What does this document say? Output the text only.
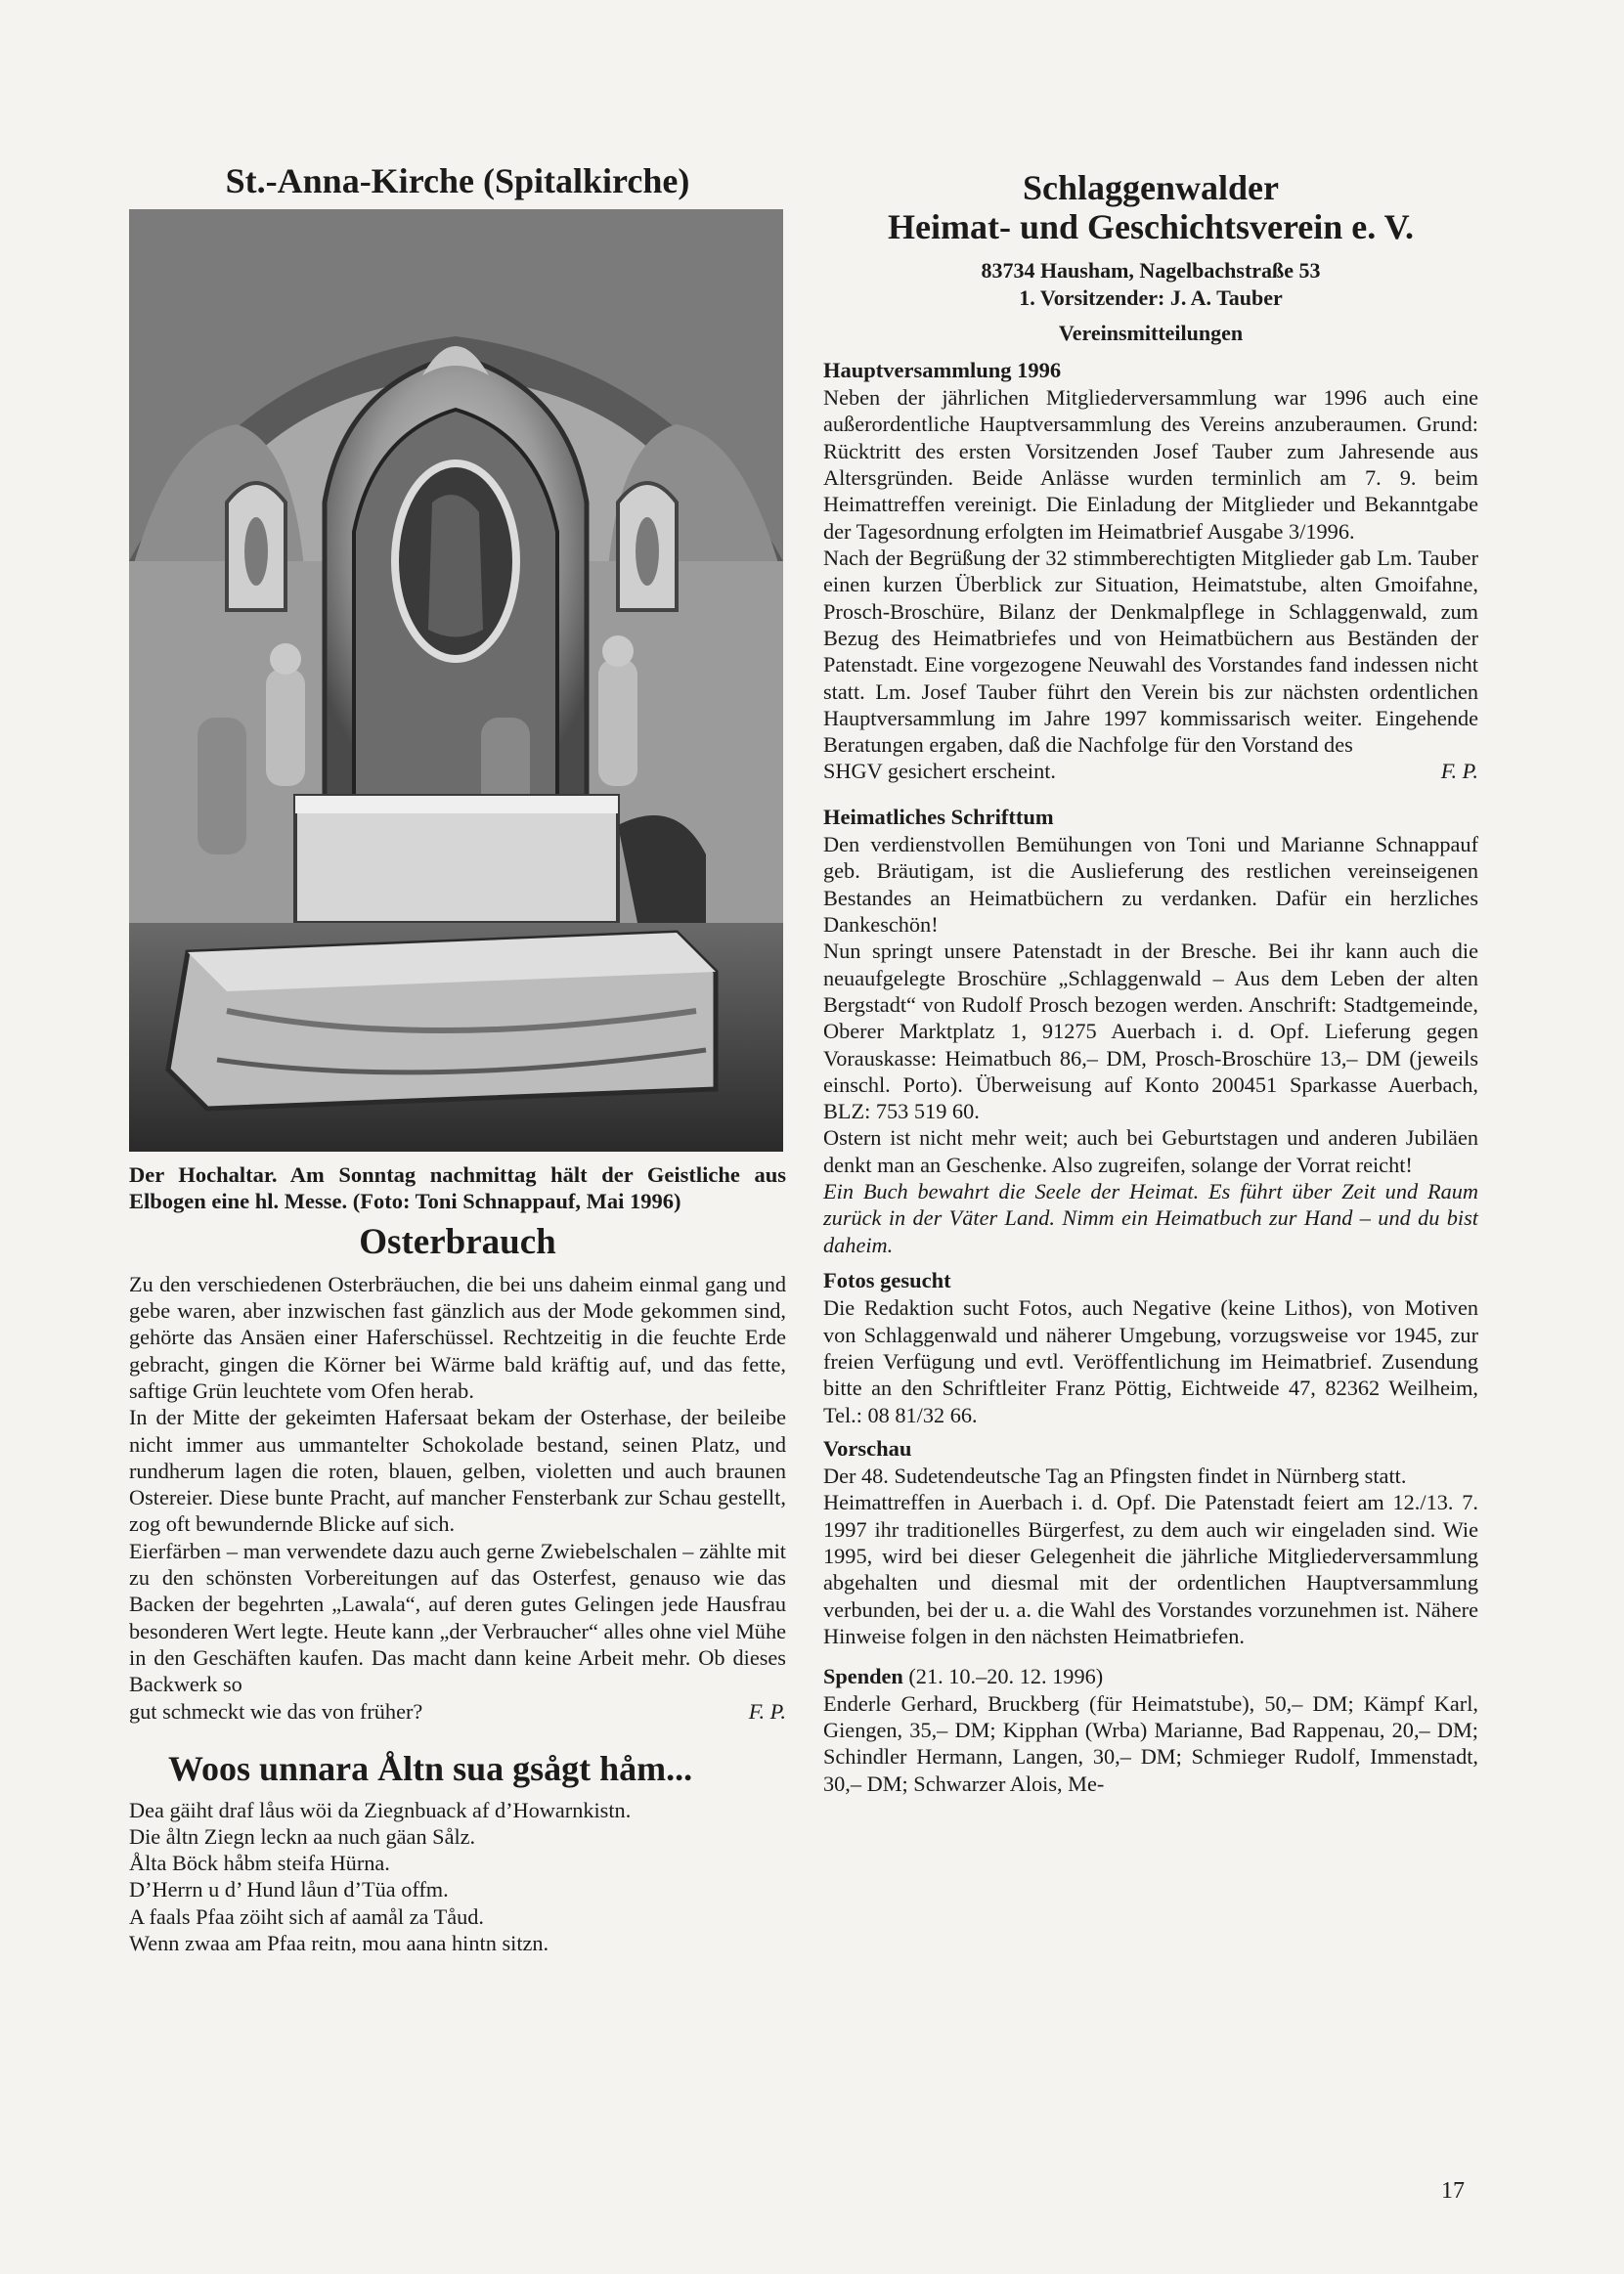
St.-Anna-Kirche (Spitalkirche)

Der Hochaltar. Am Sonntag nachmittag hält der Geistliche aus Elbogen eine hl. Messe. (Foto: Toni Schnappauf, Mai 1996)

Osterbrauch

Zu den verschiedenen Osterbräuchen, die bei uns daheim einmal gang und gebe waren, aber inzwischen fast gänzlich aus der Mode gekommen sind, gehörte das Ansäen einer Haferschüssel. Rechtzeitig in die feuchte Erde gebracht, gingen die Körner bei Wärme bald kräftig auf, und das fette, saftige Grün leuchtete vom Ofen herab.

In der Mitte der gekeimten Hafersaat bekam der Osterhase, der beileibe nicht immer aus ummantelter Schokolade bestand, seinen Platz, und rundherum lagen die roten, blauen, gelben, violetten und auch braunen Ostereier. Diese bunte Pracht, auf mancher Fensterbank zur Schau gestellt, zog oft bewundernde Blicke auf sich.

Eierfärben – man verwendete dazu auch gerne Zwiebelschalen – zählte mit zu den schönsten Vorbereitungen auf das Osterfest, genauso wie das Backen der begehrten „Lawala“, auf deren gutes Gelingen jede Hausfrau besonderen Wert legte. Heute kann „der Verbraucher“ alles ohne viel Mühe in den Geschäften kaufen. Das macht dann keine Arbeit mehr. Ob dieses Backwerk so

gut schmeckt wie das von früher?	F. P.
Woos unnara Åltn sua gsågt håm...

Dea gäiht draf låus wöi da Ziegnbuack af d’Howarnkistn.

Die åltn Ziegn leckn aa nuch gäan Sålz.

Ålta Böck håbm steifa Hürna.

D’Herrn u d’ Hund låun d’Tüa offm.

A faals Pfaa zöiht sich af aamål za Tåud.

Wenn zwaa am Pfaa reitn, mou aana hintn sitzn.

Schlaggenwalder
Heimat- und Geschichtsverein e. V.

83734 Hausham, Nagelbachstraße 53

1. Vorsitzender: J. A. Tauber

Vereinsmitteilungen

Hauptversammlung 1996

Neben der jährlichen Mitgliederversammlung war 1996 auch eine außerordentliche Hauptversammlung des Vereins anzuberaumen. Grund: Rücktritt des ersten Vorsitzenden Josef Tauber zum Jahresende aus Altersgründen. Beide Anlässe wurden terminlich am 7. 9. beim Heimattreffen vereinigt. Die Einladung der Mitglieder und Bekanntgabe der Tagesordnung erfolgten im Heimatbrief Ausgabe 3/1996.

Nach der Begrüßung der 32 stimmberechtigten Mitglieder gab Lm. Tauber einen kurzen Überblick zur Situation, Heimatstube, alten Gmoifahne, Prosch-Broschüre, Bilanz der Denkmalpflege in Schlaggenwald, zum Bezug des Heimatbriefes und von Heimatbüchern aus Beständen der Patenstadt. Eine vorgezogene Neuwahl des Vorstandes fand indessen nicht statt. Lm. Josef Tauber führt den Verein bis zur nächsten ordentlichen Hauptversammlung im Jahre 1997 kommissarisch weiter. Eingehende Beratungen ergaben, daß die Nachfolge für den Vorstand des

SHGV gesichert erscheint.	F. P.

Heimatliches Schrifttum

Den verdienstvollen Bemühungen von Toni und Marianne Schnappauf geb. Bräutigam, ist die Auslieferung des restlichen vereinseigenen Bestandes an Heimatbüchern zu verdanken. Dafür ein herzliches Dankeschön!

Nun springt unsere Patenstadt in der Bresche. Bei ihr kann auch die neuaufgelegte Broschüre „Schlaggenwald – Aus dem Leben der alten Bergstadt“ von Rudolf Prosch bezogen werden. Anschrift: Stadtgemeinde, Oberer Marktplatz 1, 91275 Auerbach i. d. Opf. Lieferung gegen Vorauskasse: Heimatbuch 86,– DM, Prosch-Broschüre 13,– DM (jeweils einschl. Porto). Überweisung auf Konto 200451 Sparkasse Auerbach, BLZ: 753 519 60.

Ostern ist nicht mehr weit; auch bei Geburtstagen und anderen Jubiläen denkt man an Geschenke. Also zugreifen, solange der Vorrat reicht!

Ein Buch bewahrt die Seele der Heimat. Es führt über Zeit und Raum zurück in der Väter Land. Nimm ein Heimatbuch zur Hand – und du bist daheim.

Fotos gesucht

Die Redaktion sucht Fotos, auch Negative (keine Lithos), von Motiven von Schlaggenwald und näherer Umgebung, vorzugsweise vor 1945, zur freien Verfügung und evtl. Veröffentlichung im Heimatbrief. Zusendung bitte an den Schriftleiter Franz Pöttig, Eichtweide 47, 82362 Weilheim, Tel.: 08 81/32 66.

Vorschau

Der 48. Sudetendeutsche Tag an Pfingsten findet in Nürnberg statt.

Heimattreffen in Auerbach i. d. Opf. Die Patenstadt feiert am 12./13. 7. 1997 ihr traditionelles Bürgerfest, zu dem auch wir eingeladen sind. Wie 1995, wird bei dieser Gelegenheit die jährliche Mitgliederversammlung abgehalten und diesmal mit der ordentlichen Hauptversammlung verbunden, bei der u. a. die Wahl des Vorstandes vorzunehmen ist. Nähere Hinweise folgen in den nächsten Heimatbriefen.

Spenden (21. 10.–20. 12. 1996)

Enderle Gerhard, Bruckberg (für Heimatstube), 50,– DM; Kämpf Karl, Giengen, 35,– DM; Kipphan (Wrba) Marianne, Bad Rappenau, 20,– DM; Schindler Hermann, Langen, 30,– DM; Schmieger Rudolf, Immenstadt, 30,– DM; Schwarzer Alois, Me-

17
